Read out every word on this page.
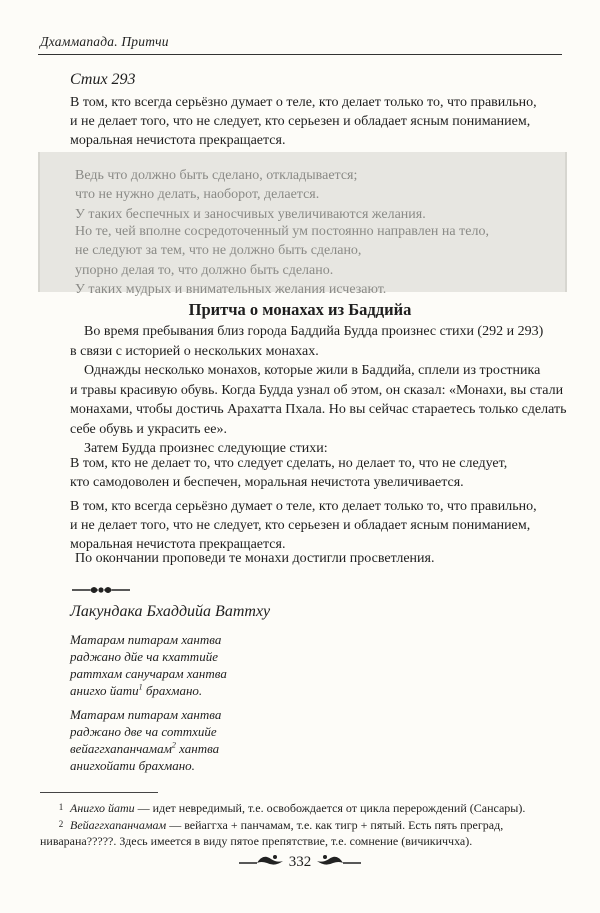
Дхаммапада. Притчи
Стих 293
В том, кто всегда серьёзно думает о теле, кто делает только то, что правильно,
и не делает того, что не следует, кто серьезен и обладает ясным пониманием,
моральная нечистота прекращается.
Ведь что должно быть сделано, откладывается;
что не нужно делать, наоборот, делается.
У таких беспечных и заносчивых увеличиваются желания.
Но те, чей вполне сосредоточенный ум постоянно направлен на тело,
не следуют за тем, что не должно быть сделано,
упорно делая то, что должно быть сделано.
У таких мудрых и внимательных желания исчезают.
Притча о монахах из Баддийа
 Во время пребывания близ города Баддийа Будда произнес стихи (292 и 293)
в связи с историей о нескольких монахах.
 Однажды несколько монахов, которые жили в Баддийа, сплели из тростника
и травы красивую обувь. Когда Будда узнал об этом, он сказал: «Монахи, вы стали
монахами, чтобы достичь Арахатта Пхала. Но вы сейчас стараетесь только сделать
себе обувь и украсить ее».
 Затем Будда произнес следующие стихи:
В том, кто не делает то, что следует сделать, но делает то, что не следует,
кто самодоволен и беспечен, моральная нечистота увеличивается.
В том, кто всегда серьёзно думает о теле, кто делает только то, что правильно,
и не делает того, что не следует, кто серьезен и обладает ясным пониманием,
моральная нечистота прекращается.
По окончании проповеди те монахи достигли просветления.
Лакундака Бхаддийа Ваттху
Матарам питарам хантва
раджано дйе ча кхаттийе
раттхам санучарам хантва
анигхо йати$^1$ брахмано.
Матарам питарам хантва
раджано две ча соттхийе
вейаггхапанчамам$^2$ хантва
анигхойати брахмано.
1 Анигхо йати — идет невредимый, т.е. освобождается от цикла перерождений (Сансары).
2 Вейаггхапанчамам — вейаггха + панчамам, т.е. как тигр + пятый. Есть пять преград,
ниварана?????. Здесь имеется в виду пятое препятствие, т.е. сомнение (вичикиччха).
332
